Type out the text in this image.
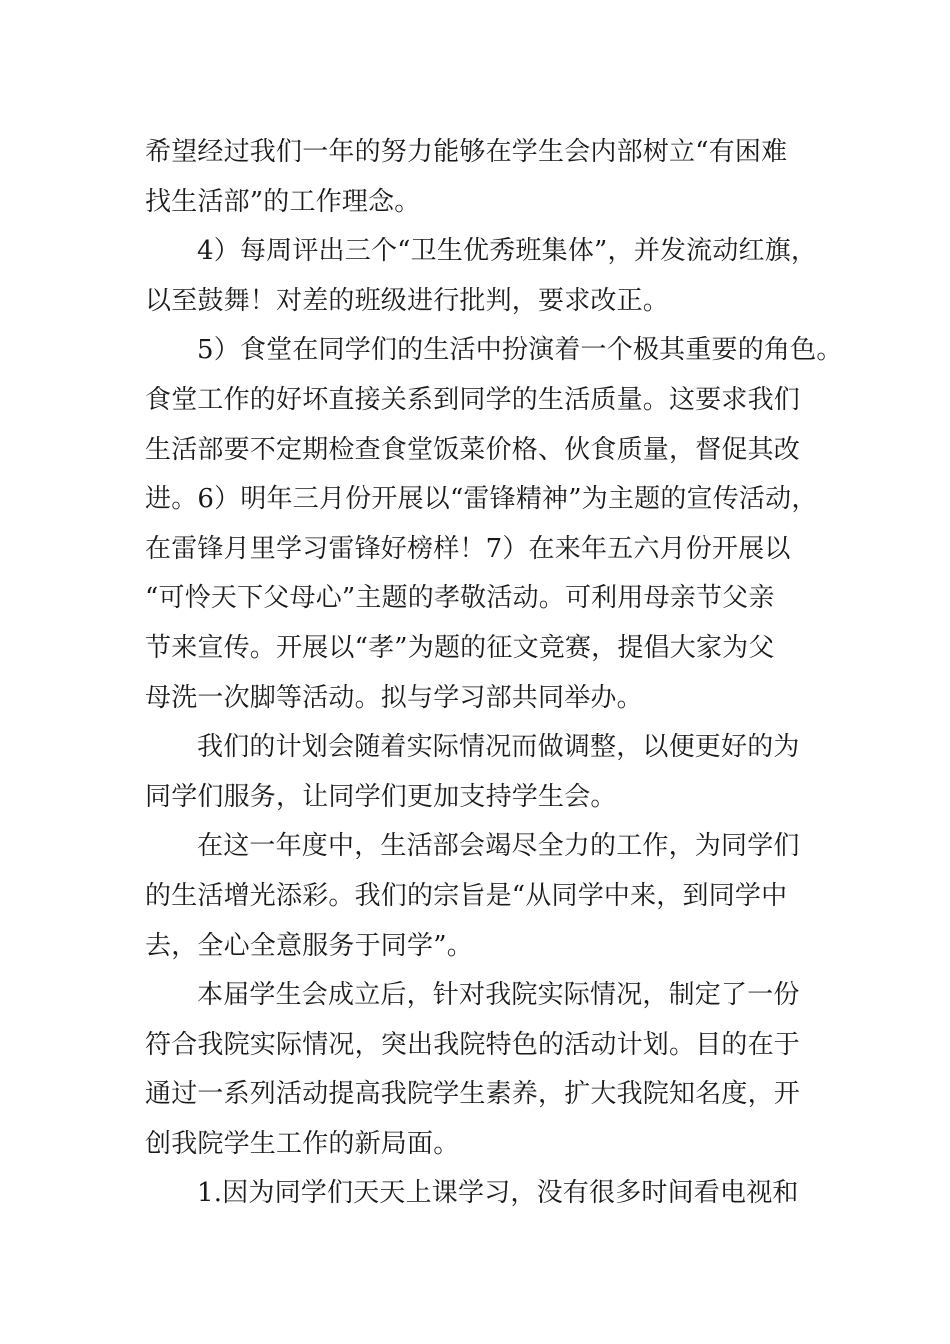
希望经过我们一年的努力能够在学生会内部树立“有困难
找生活部”的工作理念。
4）每周评出三个“卫生优秀班集体”，并发流动红旗，
以至鼓舞！对差的班级进行批判，要求改正。
5）食堂在同学们的生活中扮演着一个极其重要的角色。
食堂工作的好坏直接关系到同学的生活质量。这要求我们
生活部要不定期检查食堂饭菜价格、伙食质量，督促其改
进。6）明年三月份开展以“雷锋精神”为主题的宣传活动，
在雷锋月里学习雷锋好榜样！7）在来年五六月份开展以
“可怜天下父母心”主题的孝敬活动。可利用母亲节父亲
节来宣传。开展以“孝”为题的征文竞赛，提倡大家为父
母洗一次脚等活动。拟与学习部共同举办。
我们的计划会随着实际情况而做调整，以便更好的为
同学们服务，让同学们更加支持学生会。
在这一年度中，生活部会竭尽全力的工作，为同学们
的生活增光添彩。我们的宗旨是“从同学中来，到同学中
去，全心全意服务于同学”。
本届学生会成立后，针对我院实际情况，制定了一份
符合我院实际情况，突出我院特色的活动计划。目的在于
通过一系列活动提高我院学生素养，扩大我院知名度，开
创我院学生工作的新局面。
1.因为同学们天天上课学习，没有很多时间看电视和
